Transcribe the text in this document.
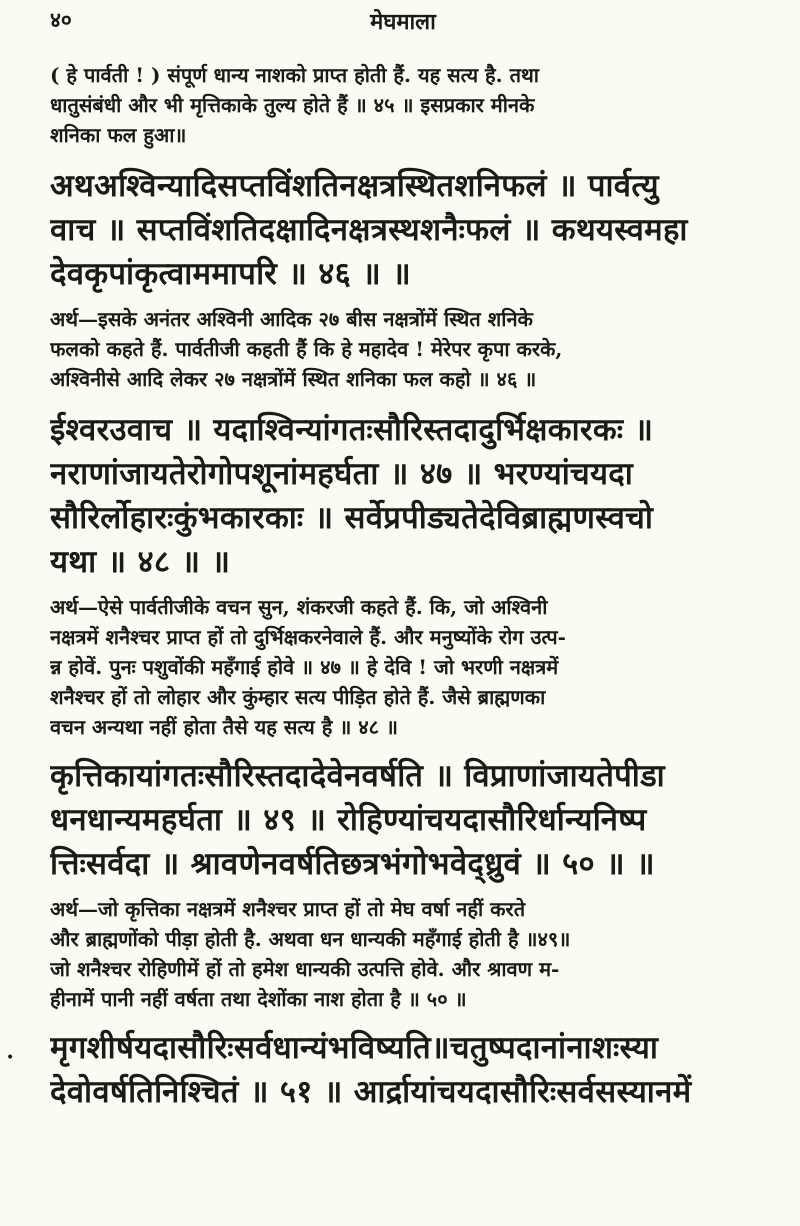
४०	मेघमाला

( हे पार्वती ! ) संपूर्ण धान्य नाशको प्राप्त होती हैं. यह सत्य है. तथा
धातुसंबंधी और भी मृत्तिकाके तुल्य होते हैं ॥ ४५ ॥ इसप्रकार मीनके
शनिका फल हुआ॥

अथअश्विन्यादिसप्तविंशतिनक्षत्रस्थितशनिफलं ॥ पार्वत्यु
वाच ॥ सप्तविंशतिदक्षादिनक्षत्रस्थशनैःफलं ॥ कथयस्वमहा
देवकृपांकृत्वाममापरि ॥ ४६ ॥ ॥

अर्थ—इसके अनंतर अश्विनी आदिक २७ बीस नक्षत्रोंमें स्थित शनिके
फलको कहते हैं. पार्वतीजी कहती हैं कि हे महादेव ! मेरेपर कृपा करके,
अश्विनीसे आदि लेकर २७ नक्षत्रोंमें स्थित शनिका फल कहो ॥ ४६ ॥

ईश्वरउवाच ॥ यदाश्विन्यांगतःसौरिस्तदादुर्भिक्षकारकः ॥
नराणांजायतेरोगोपशूनांमहर्घता ॥ ४७ ॥ भरण्यांचयदा
सौरिर्लोहारःकुंभकारकाः ॥ सर्वेप्रपीड्यतेदेविब्राह्मणस्वचो
यथा ॥ ४८ ॥ ॥

अर्थ—ऐसे पार्वतीजीके वचन सुन, शंकरजी कहते हैं. कि, जो अश्विनी
नक्षत्रमें शनैश्चर प्राप्त हों तो दुर्भिक्षकरनेवाले हैं. और मनुष्योंके रोग उत्प-
न्न होवें. पुनः पशुवोंकी महँगाई होवे ॥ ४७ ॥ हे देवि ! जो भरणी नक्षत्रमें
शनैश्चर हों तो लोहार और कुंम्हार सत्य पीड़ित होते हैं. जैसे ब्राह्मणका
वचन अन्यथा नहीं होता तैसे यह सत्य है ॥ ४८ ॥

कृत्तिकायांगतःसौरिस्तदादेवेनवर्षति ॥ विप्राणांजायतेपीडा
धनधान्यमहर्घता ॥ ४९ ॥ रोहिण्यांचयदासौरिर्धान्यनिष्प
त्तिःसर्वदा ॥ श्रावणेनवर्षतिछत्रभंगोभवेद्ध्रुवं ॥ ५० ॥ ॥

अर्थ—जो कृत्तिका नक्षत्रमें शनैश्चर प्राप्त हों तो मेघ वर्षा नहीं करते
और ब्राह्मणोंको पीड़ा होती है. अथवा धन धान्यकी महँगाई होती है ॥४९॥
जो शनैश्चर रोहिणीमें हों तो हमेश धान्यकी उत्पत्ति होवे. और श्रावण म-
हीनामें पानी नहीं वर्षता तथा देशोंका नाश होता है ॥ ५० ॥

मृगशीर्षयदासौरिःसर्वधान्यंभविष्यति॥चतुष्पदानांनाशःस्या
देवोवर्षतिनिश्चितं ॥ ५१ ॥ आर्द्रायांचयदासौरिःसर्वसस्यानमें

•
